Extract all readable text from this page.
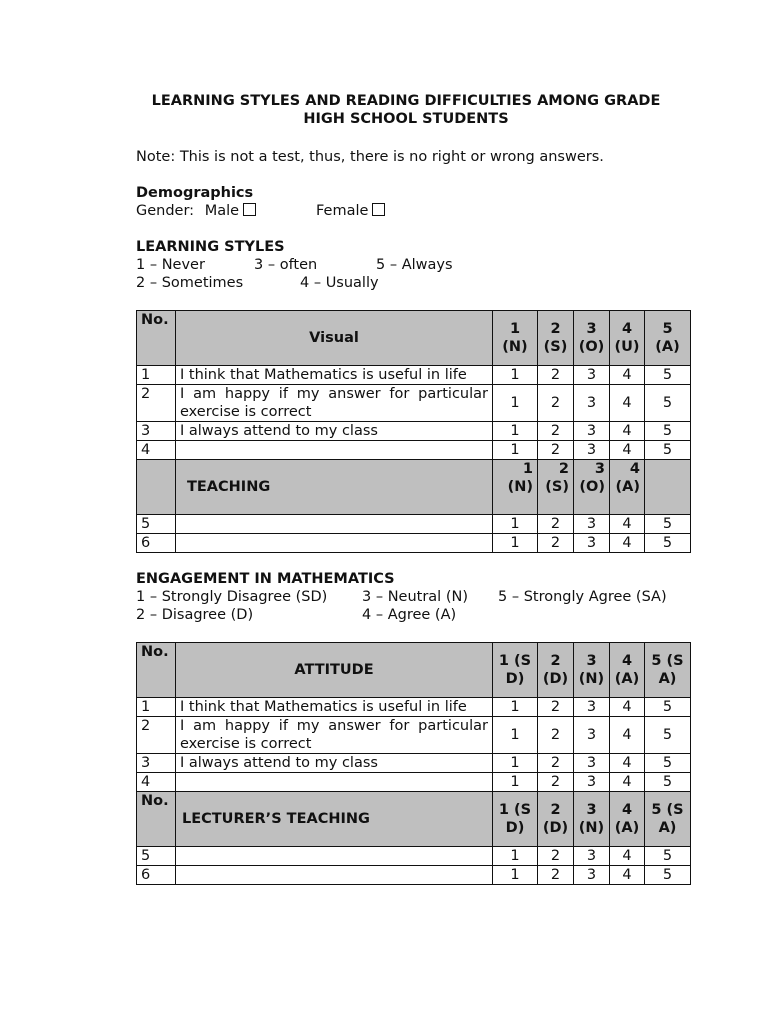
LEARNING STYLES AND READING DIFFICULTIES AMONG GRADE HIGH SCHOOL STUDENTS
Note: This is not a test, thus, there is no right or wrong answers.
Demographics
Gender: Male	Female
LEARNING STYLES
1 – Never	3 – often	5 – Always
2 – Sometimes	4 – Usually
No.	Visual	1 (N)	2 (S)	3 (O)	4 (U)	5 (A)
1	I think that Mathematics is useful in life	1	2	3	4	5
2	I am happy if my answer for particular exercise is correct	1	2	3	4	5
3	I always attend to my class	1	2	3	4	5
4		1	2	3	4	5
	TEACHING	1 (N)	2 (S)	3 (O)	4 (A)	
5		1	2	3	4	5
6		1	2	3	4	5
ENGAGEMENT IN MATHEMATICS
1 – Strongly Disagree (SD) 3 – Neutral (N) 5 – Strongly Agree (SA)
2 – Disagree (D)	4 – Agree (A)
No.	ATTITUDE	1 (SD)	2 (D)	3 (N)	4 (A)	5 (SA)
1	I think that Mathematics is useful in life	1	2	3	4	5
2	I am happy if my answer for particular exercise is correct	1	2	3	4	5
3	I always attend to my class	1	2	3	4	5
4		1	2	3	4	5
No.	LECTURER’S TEACHING	1 (SD)	2 (D)	3 (N)	4 (A)	5 (SA)
5		1	2	3	4	5
6		1	2	3	4	5
